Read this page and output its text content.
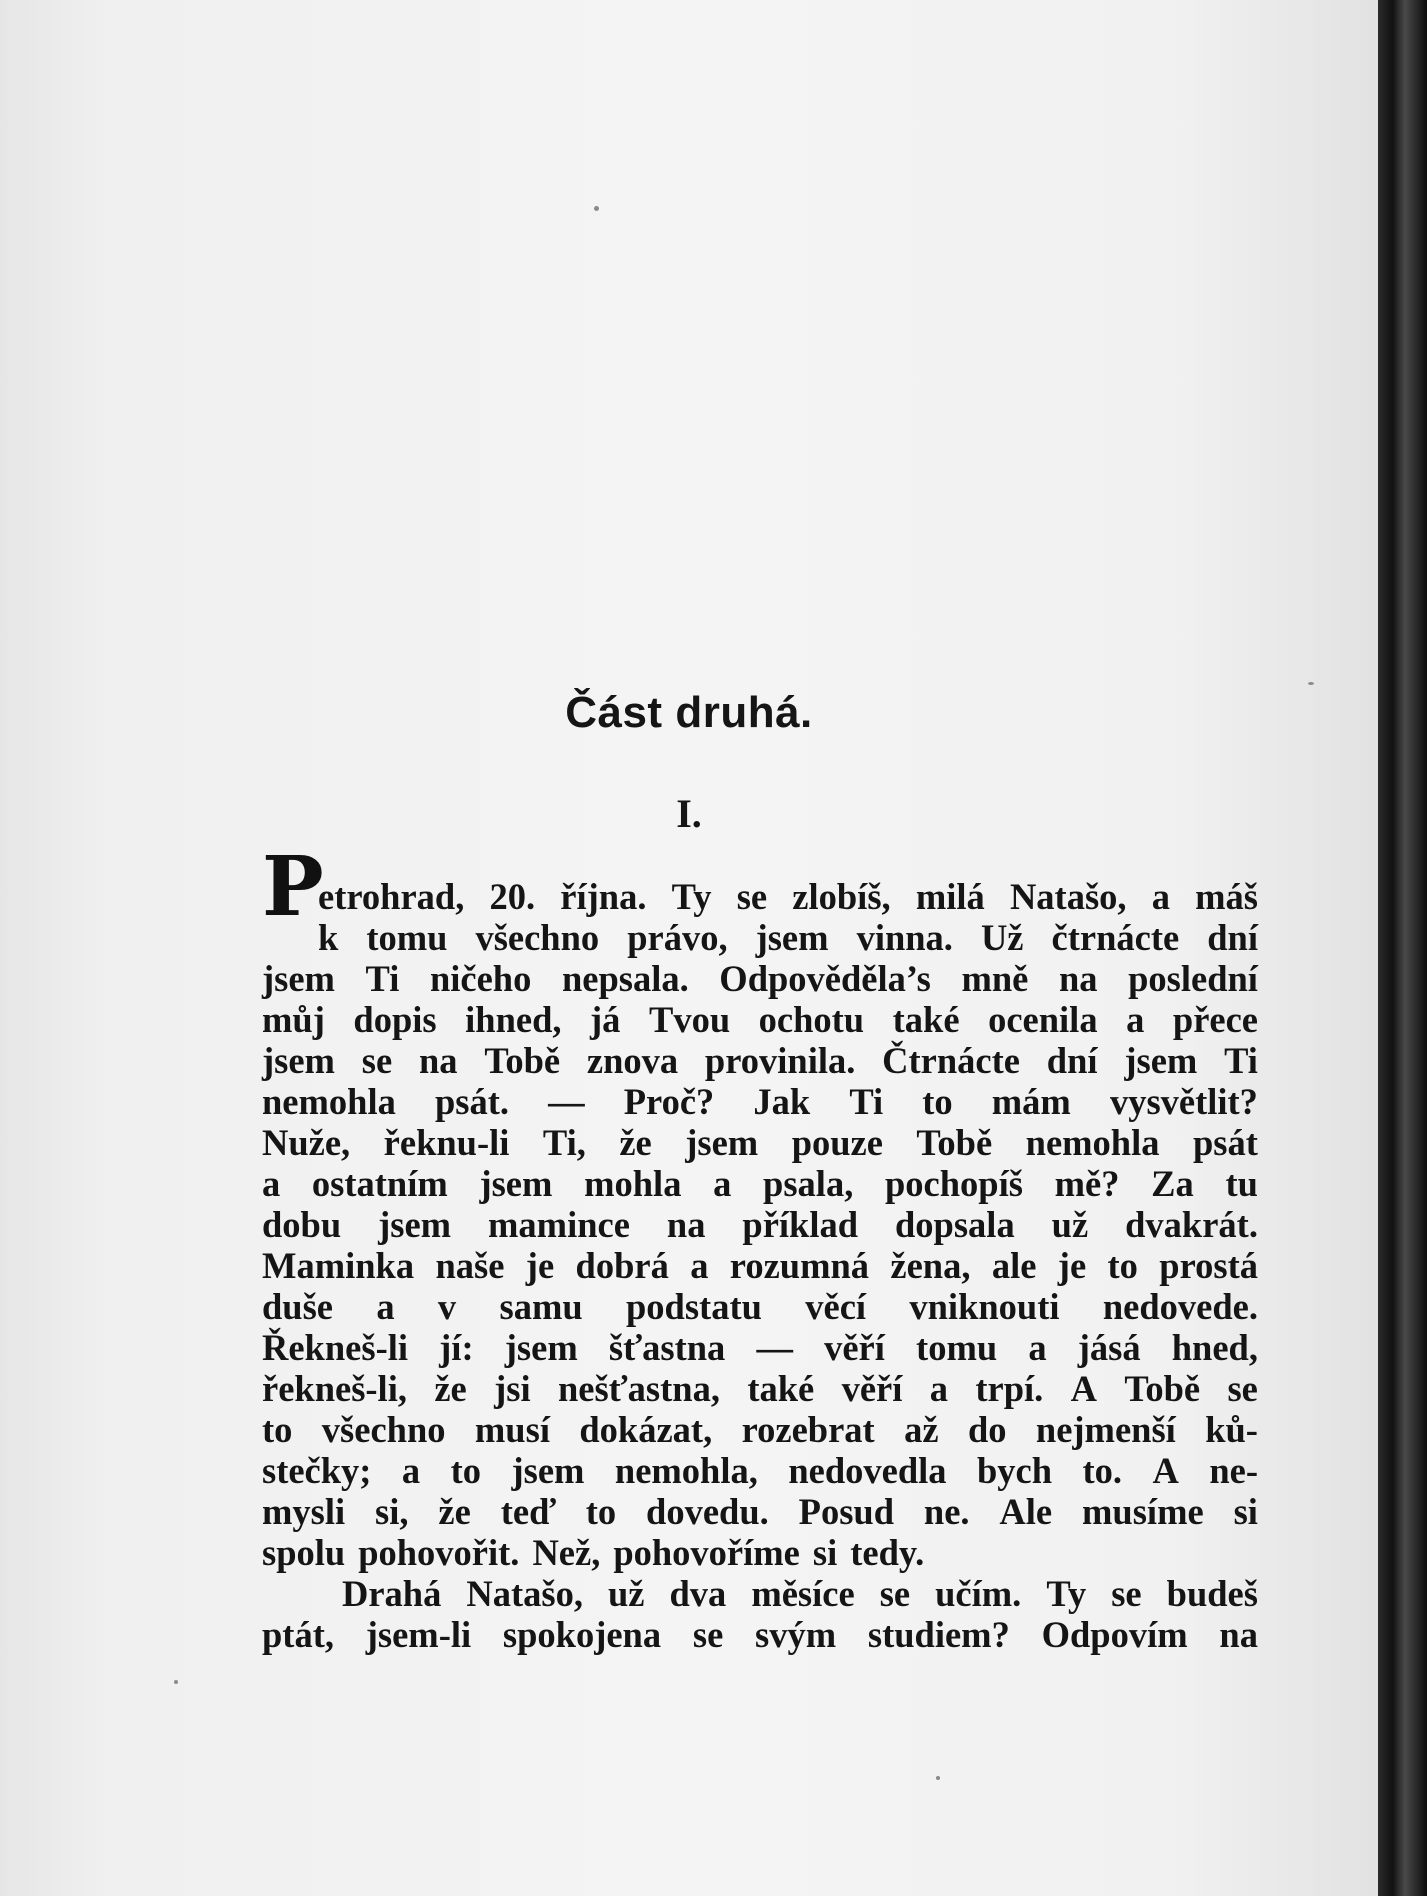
Část druhá.
I.
P
etrohrad, 20. října. Ty se zlobíš, milá Natašo, a máš
k tomu všechno právo, jsem vinna. Už čtrnácte dní
jsem Ti ničeho nepsala. Odpověděla’s mně na poslední
můj dopis ihned, já Tvou ochotu také ocenila a přece
jsem se na Tobě znova provinila. Čtrnácte dní jsem Ti
nemohla psát. — Proč? Jak Ti to mám vysvětlit?
Nuže, řeknu-li Ti, že jsem pouze Tobě nemohla psát
a ostatním jsem mohla a psala, pochopíš mě? Za tu
dobu jsem mamince na příklad dopsala už dvakrát.
Maminka naše je dobrá a rozumná žena, ale je to prostá
duše a v samu podstatu věcí vniknouti nedovede.
Řekneš-li jí: jsem šťastna — věří tomu a jásá hned,
řekneš-li, že jsi nešťastna, také věří a trpí. A Tobě se
to všechno musí dokázat, rozebrat až do nejmenší ků-
stečky; a to jsem nemohla, nedovedla bych to. A ne-
mysli si, že teď to dovedu. Posud ne. Ale musíme si
spolu pohovořit. Než, pohovoříme si tedy.
Drahá Natašo, už dva měsíce se učím. Ty se budeš
ptát, jsem-li spokojena se svým studiem? Odpovím na
